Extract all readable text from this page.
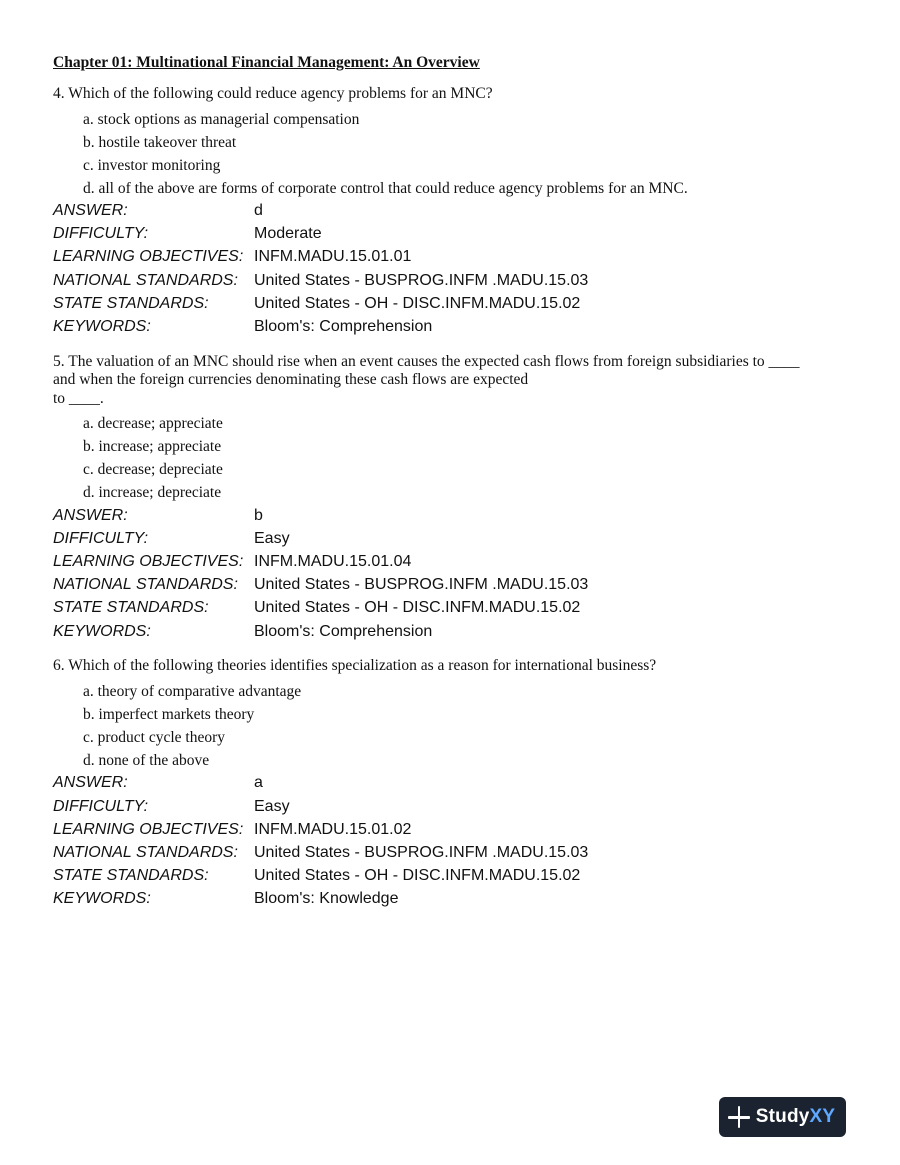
Chapter 01: Multinational Financial Management: An Overview
4. Which of the following could reduce agency problems for an MNC?
a. stock options as managerial compensation
b. hostile takeover threat
c. investor monitoring
d. all of the above are forms of corporate control that could reduce agency problems for an MNC.
ANSWER:	d
DIFFICULTY:	Moderate
LEARNING OBJECTIVES: INFM.MADU.15.01.01
NATIONAL STANDARDS:	United States - BUSPROG.INFM .MADU.15.03
STATE STANDARDS:	United States - OH - DISC.INFM.MADU.15.02
KEYWORDS:	Bloom's: Comprehension
5. The valuation of an MNC should rise when an event causes the expected cash flows from foreign subsidiaries to ____
and when the foreign currencies denominating these cash flows are expected
to ____.
a. decrease; appreciate
b. increase; appreciate
c. decrease; depreciate
d. increase; depreciate
ANSWER:	b
DIFFICULTY:	Easy
LEARNING OBJECTIVES: INFM.MADU.15.01.04
NATIONAL STANDARDS:	United States - BUSPROG.INFM .MADU.15.03
STATE STANDARDS:	United States - OH - DISC.INFM.MADU.15.02
KEYWORDS:	Bloom's: Comprehension
6. Which of the following theories identifies specialization as a reason for international business?
a. theory of comparative advantage
b. imperfect markets theory
c. product cycle theory
d. none of the above
ANSWER:	a
DIFFICULTY:	Easy
LEARNING OBJECTIVES: INFM.MADU.15.01.02
NATIONAL STANDARDS:	United States - BUSPROG.INFM .MADU.15.03
STATE STANDARDS:	United States - OH - DISC.INFM.MADU.15.02
KEYWORDS:	Bloom's: Knowledge
StudyXY
